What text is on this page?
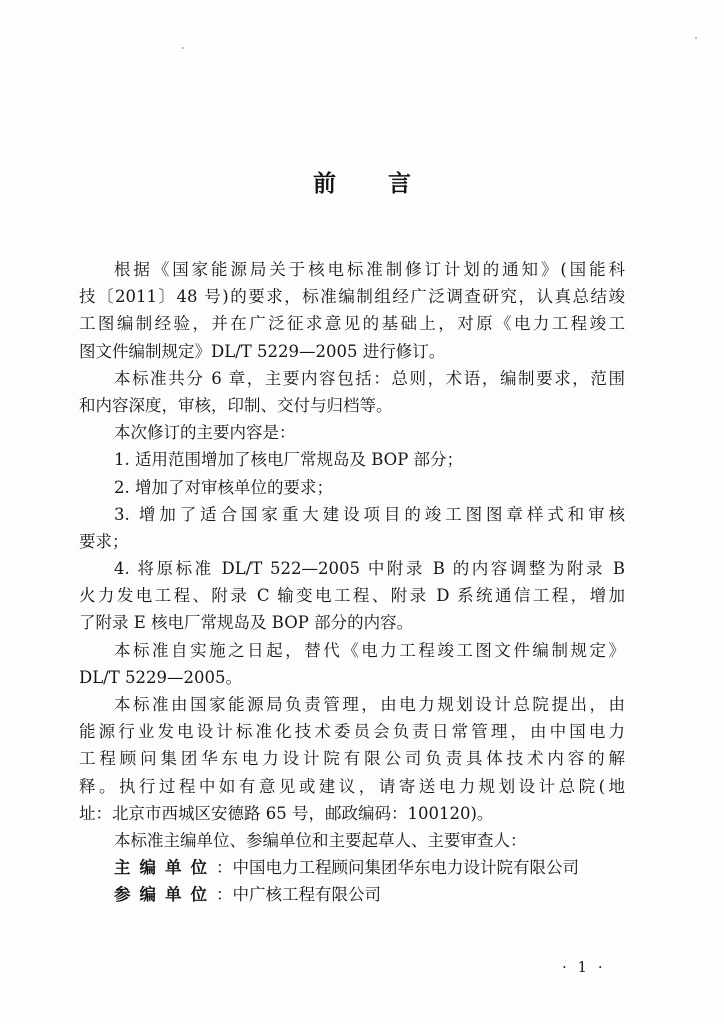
前言
根据《国家能源局关于核电标准制修订计划的通知》(国能科
技〔2011〕48 号)的要求，标准编制组经广泛调查研究，认真总结竣
工图编制经验，并在广泛征求意见的基础上，对原《电力工程竣工
图文件编制规定》DL/T 5229—2005 进行修订。
本标准共分 6 章，主要内容包括：总则，术语，编制要求，范围
和内容深度，审核，印制、交付与归档等。
本次修订的主要内容是：
1. 适用范围增加了核电厂常规岛及 BOP 部分；
2. 增加了对审核单位的要求；
3. 增加了适合国家重大建设项目的竣工图图章样式和审核
要求；
4. 将原标准 DL/T 522—2005 中附录 B 的内容调整为附录 B
火力发电工程、附录 C 输变电工程、附录 D 系统通信工程，增加
了附录 E 核电厂常规岛及 BOP 部分的内容。
本标准自实施之日起，替代《电力工程竣工图文件编制规定》
DL/T 5229—2005。
本标准由国家能源局负责管理，由电力规划设计总院提出，由
能源行业发电设计标准化技术委员会负责日常管理，由中国电力
工程顾问集团华东电力设计院有限公司负责具体技术内容的解
释。执行过程中如有意见或建议，请寄送电力规划设计总院(地
址：北京市西城区安德路 65 号，邮政编码：100120)。
本标准主编单位、参编单位和主要起草人、主要审查人：
主编单位：中国电力工程顾问集团华东电力设计院有限公司
参编单位：中广核工程有限公司
· 1 ·
